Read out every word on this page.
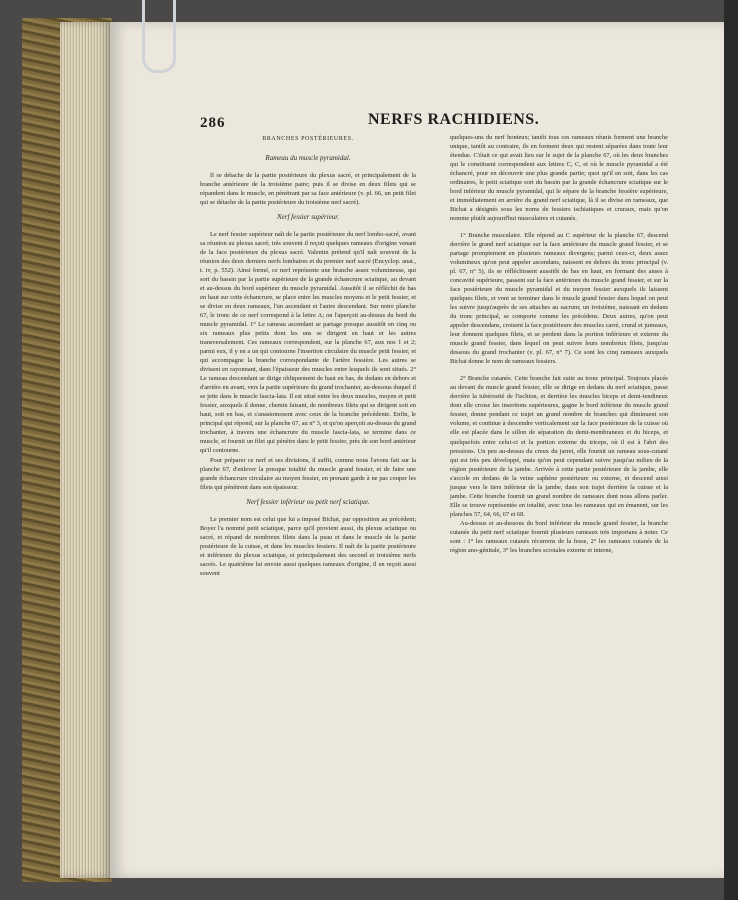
286	NERFS RACHIDIENS.
BRANCHES POSTÉRIEURES.
Rameau du muscle pyramidal.

Il se détache de la partie postérieure du plexus sacré, et principalement de la branche antérieure de la troisième paire; puis il se divise en deux filets qui se répandent dans le muscle, en pénétrant par sa face antérieure (v. pl. 66, un petit filet qui se détache de la partie postérieure du troisième nerf sacré).

Nerf fessier supérieur.

Le nerf fessier supérieur naît de la partie postérieure du nerf lombo-sacré, avant sa réunion au plexus sacré; très souvent il reçoit quelques rameaux d'origine venant de la face postérieure du plexus sacré. Valentin prétend qu'il naît souvent de la réunion des deux derniers nerfs lombaires et du premier nerf sacré (Encyclop. anat., t. iv, p. 552). Ainsi formé, ce nerf représente une branche assez volumineuse, qui sort du bassin par la partie supérieure de la grande échancrure sciatique, au devant et au-dessus du bord supérieur du muscle pyramidal. Aussitôt il se réfléchit de bas en haut sur cette échancrure, se place entre les muscles moyens et le petit fessier, et se divise en deux rameaux, l'un ascendant et l'autre descendant. Sur notre planche 67, le tronc de ce nerf correspond à la lettre A; on l'aperçoit au-dessus du bord du muscle pyramidal. 1° Le rameau ascendant se partage presque aussitôt en cinq ou six rameaux plus petits dont les uns se dirigent en haut et les autres transversalement. Ces rameaux correspondent, sur la planche 67, aux nos 1 et 2; parmi eux, il y en a un qui contourne l'insertion circulaire du muscle petit fessier, et qui accompagne la branche correspondante de l'artère fessière. Les autres se divisent en rayonnant, dans l'épaisseur des muscles entre lesquels ils sont situés. 2° Le rameau descendant se dirige obliquement de haut en bas, de dedans en dehors et d'arrière en avant, vers la partie supérieure du grand trochanter, au-dessous duquel il se jette dans le muscle fascia-lata. Il est situé entre les deux muscles, moyen et petit fessier, auxquels il donne, chemin faisant, de nombreux filets qui se dirigent soit en haut, soit en bas, et s'anastomosent avec ceux de la branche précédente. Enfin, le principal qui répond, sur la planche 67, au n° 3, et qu'on aperçoit au-dessus du grand trochanter, à travers une échancrure du muscle fascia-lata, se termine dans ce muscle, et fournit un filet qui pénètre dans le petit fessier, près de son bord antérieur qu'il contourne.

Pour préparer ce nerf et ses divisions, il suffit, comme nous l'avons fait sur la planche 67, d'enlever la presque totalité du muscle grand fessier, et de faire une grande échancrure circulaire au moyen fessier, en prenant garde à ne pas couper les filets qui pénètrent dans son épaisseur.

Nerf fessier inférieur ou petit nerf sciatique.

Le premier nom est celui que lui a imposé Bichat, par opposition au précédent; Boyer l'a nommé petit sciatique, parce qu'il provient aussi, du plexus sciatique ou sacré, et répand de nombreux filets dans la peau et dans le muscle de la partie postérieure de la cuisse, et dans les muscles fessiers. Il naît de la partie postérieure et inférieure du plexus sciatique, et principalement des second et troisième nerfs sacrés. Le quatrième lui envoie aussi quelques rameaux d'origine, il en reçoit aussi souvent

quelques-uns du nerf honteux; tantôt tous ces rameaux réunis forment une branche unique, tantôt au contraire, ils en forment deux qui restent séparées dans toute leur étendue. C'était ce qui avait lieu sur le sujet de la planche 67, où les deux branches qui le constituent correspondent aux lettres C, C, et où le muscle pyramidal a été échancré, pour en découvrir une plus grande partie; quoi qu'il en soit, dans les cas ordinaires, le petit sciatique sort du bassin par la grande échancrure sciatique sur le bord inférieur du muscle pyramidal, qui le sépare de la branche fessière supérieure, et immédiatement en arrière du grand nerf sciatique, là il se divise en rameaux, que Bichat a désignés sous les noms de fessiers ischiatiques et cruraux, mais qu'on nomme plutôt aujourd'hui musculaires et cutanés.

1° Branche musculaire. Elle répond au C supérieur de la planche 67, descend derrière le grand nerf sciatique sur la face antérieure du muscle grand fessier, et se partage promptement en plusieurs rameaux divergens; parmi ceux-ci, deux assez volumineux qu'on peut appeler ascendans, naissent en dehors du tronc principal (v. pl. 67, n° 5), ils se réfléchissent aussitôt de bas en haut, en formant des anses à concavité supérieure, passent sur la face antérieure du muscle grand fessier, et sur la face postérieure du muscle pyramidal et du moyen fessier auxquels ils laissent quelques filets, et vont se terminer dans le muscle grand fessier dans lequel on peut les suivre jusqu'auprès de ses attaches au sacrum; un troisième, naissant en dedans du tronc principal, se comporte comme les précédens. Deux autres, qu'on peut appeler descendans, croisent la face postérieure des muscles carré, crural et jumeaux, leur donnent quelques filets, et se perdent dans la portion inférieure et externe du muscle grand fessier, dans lequel on peut suivre leurs nombreux filets, jusqu'au dessous du grand trochanter (v. pl. 67, n° 7). Ce sont les cinq rameaux auxquels Bichat donne le nom de rameaux fessiers.

2° Branche cutanée. Cette branche fait suite au tronc principal. Toujours placée au devant du muscle grand fessier, elle se dirige en dedans du nerf sciatique, passe derrière la tubérosité de l'ischion, et derrière les muscles biceps et demi-tendineux dont elle croise les insertions supérieures, gagne le bord inférieur du muscle grand fessier, donne pendant ce trajet un grand nombre de branches qui diminuent son volume, et continue à descendre verticalement sur la face postérieure de la cuisse où elle est placée dans le sillon de séparation du demi-membraneux et du biceps, et quelquefois entre celui-ci et la portion externe du triceps, où il est à l'abri des pressions. Un peu au-dessus du creux du jarret, elle fournit un rameau sous-cutané qui est très peu développé, mais qu'on peut cependant suivre jusqu'au milieu de la région postérieure de la jambe. Arrivée à cette partie postérieure de la jambe, elle s'accole en dedans de la veine saphène postérieure ou externe, et descend ainsi jusque vers le tiers inférieur de la jambe, dans son trajet derrière la cuisse et la jambe. Cette branche fournit un grand nombre de rameaux dont nous allons parler. Elle se trouve représentée en totalité, avec tous les rameaux qui en émanent, sur les planches 57, 64, 66, 67 et 68.

Au-dessus et au-dessous du bord inférieur du muscle grand fessier, la branche cutanée du petit nerf sciatique fournit plusieurs rameaux très importans à noter. Ce sont : 1° les rameaux cutanés récurrens de la fesse, 2° les rameaux cutanés de la région ano-génitale, 3° les branches scrotales externe et interne,
